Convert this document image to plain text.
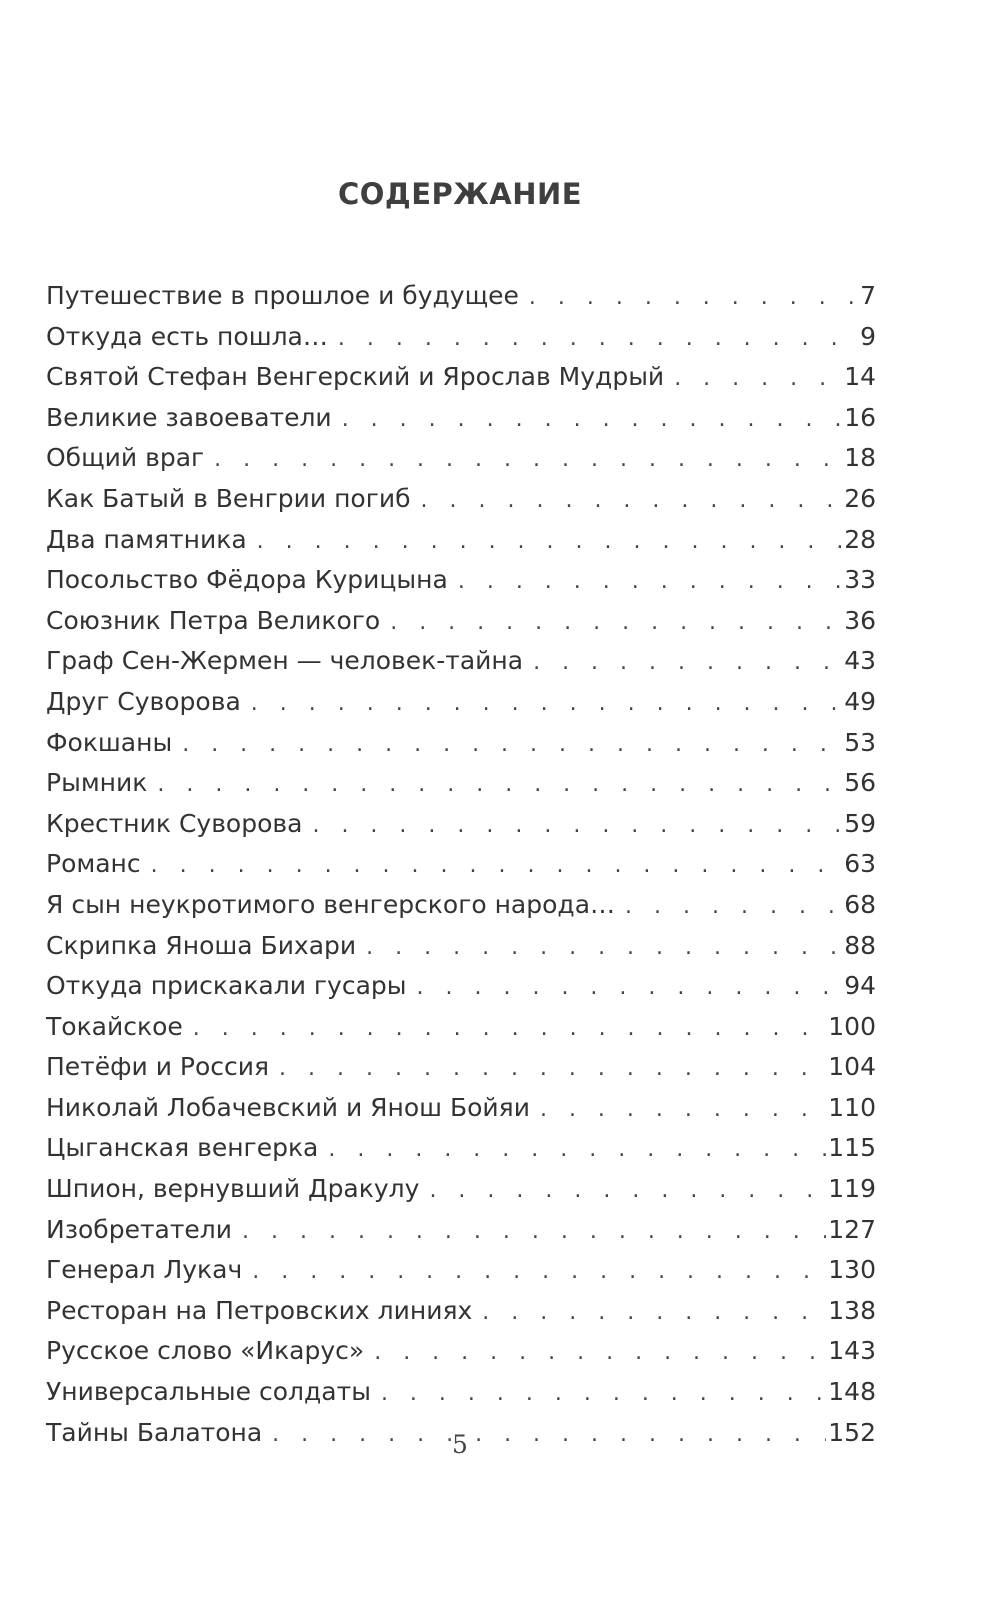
СОДЕРЖАНИЕ
Путешествие в прошлое и будущее . . .	7
Откуда есть пошла… . . .	9
Святой Стефан Венгерский и Ярослав Мудрый . . .	14
Великие завоеватели . . .	16
Общий враг . . .	18
Как Батый в Венгрии погиб . . .	26
Два памятника . . .	28
Посольство Фёдора Курицына . . .	33
Союзник Петра Великого . . .	36
Граф Сен-Жермен — человек-тайна . . .	43
Друг Суворова . . .	49
Фокшаны . . .	53
Рымник . . .	56
Крестник Суворова . . .	59
Романс . . .	63
Я сын неукротимого венгерского народа… . . .	68
Скрипка Яноша Бихари . . .	88
Откуда прискакали гусары . . .	94
Токайское . . .	100
Петёфи и Россия . . .	104
Николай Лобачевский и Янош Бойяи . . .	110
Цыганская венгерка . . .	115
Шпион, вернувший Дракулу . . .	119
Изобретатели . . .	127
Генерал Лукач . . .	130
Ресторан на Петровских линиях . . .	138
Русское слово «Икарус» . . .	143
Универсальные солдаты . . .	148
Тайны Балатона . . .	152
5
